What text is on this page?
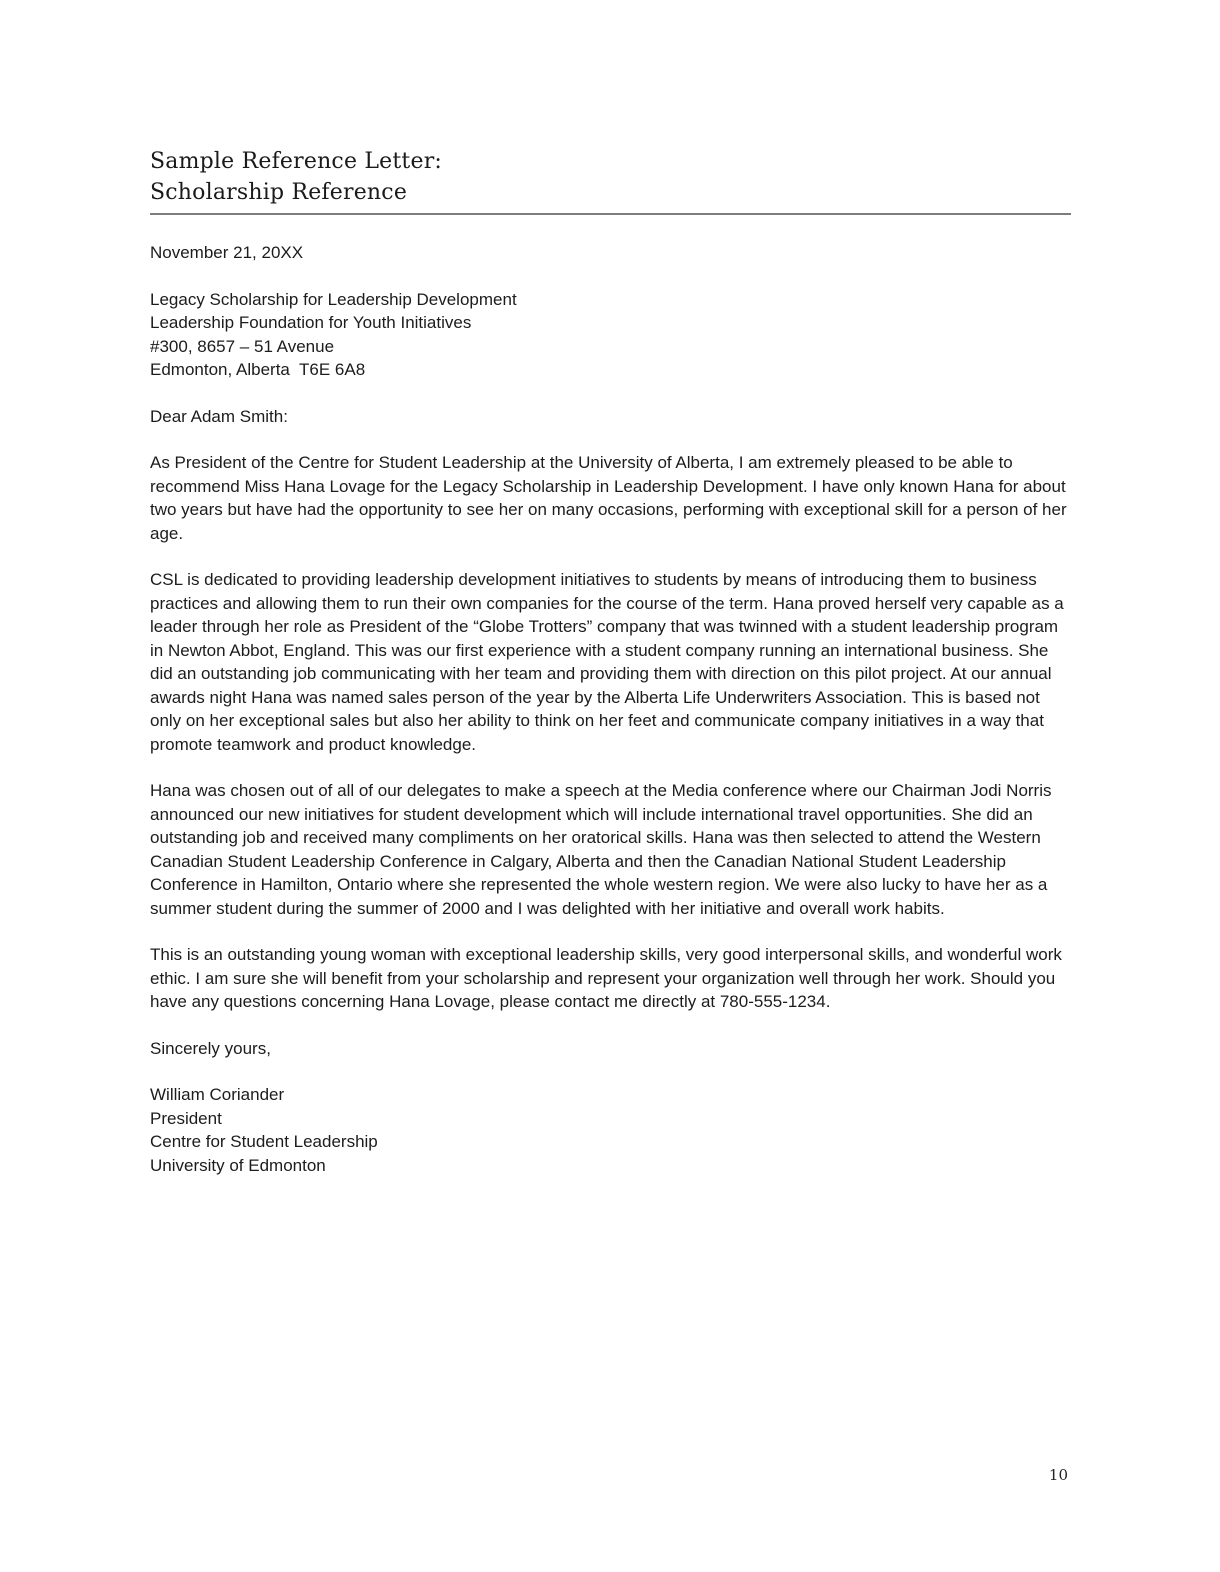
Sample Reference Letter:
Scholarship Reference
November 21, 20XX
Legacy Scholarship for Leadership Development
Leadership Foundation for Youth Initiatives
#300, 8657 – 51 Avenue
Edmonton, Alberta  T6E 6A8
Dear Adam Smith:

As President of the Centre for Student Leadership at the University of Alberta, I am extremely pleased to be able to recommend Miss Hana Lovage for the Legacy Scholarship in Leadership Development. I have only known Hana for about two years but have had the opportunity to see her on many occasions, performing with exceptional skill for a person of her age.

CSL is dedicated to providing leadership development initiatives to students by means of introducing them to business practices and allowing them to run their own companies for the course of the term. Hana proved herself very capable as a leader through her role as President of the “Globe Trotters” company that was twinned with a student leadership program in Newton Abbot, England. This was our first experience with a student company running an international business. She did an outstanding job communicating with her team and providing them with direction on this pilot project. At our annual awards night Hana was named sales person of the year by the Alberta Life Underwriters Association. This is based not only on her exceptional sales but also her ability to think on her feet and communicate company initiatives in a way that promote teamwork and product knowledge.

Hana was chosen out of all of our delegates to make a speech at the Media conference where our Chairman Jodi Norris announced our new initiatives for student development which will include international travel opportunities. She did an outstanding job and received many compliments on her oratorical skills. Hana was then selected to attend the Western Canadian Student Leadership Conference in Calgary, Alberta and then the Canadian National Student Leadership Conference in Hamilton, Ontario where she represented the whole western region. We were also lucky to have her as a summer student during the summer of 2000 and I was delighted with her initiative and overall work habits.

This is an outstanding young woman with exceptional leadership skills, very good interpersonal skills, and wonderful work ethic. I am sure she will benefit from your scholarship and represent your organization well through her work. Should you have any questions concerning Hana Lovage, please contact me directly at 780-555-1234.

Sincerely yours,
William Coriander
President
Centre for Student Leadership
University of Edmonton
10
